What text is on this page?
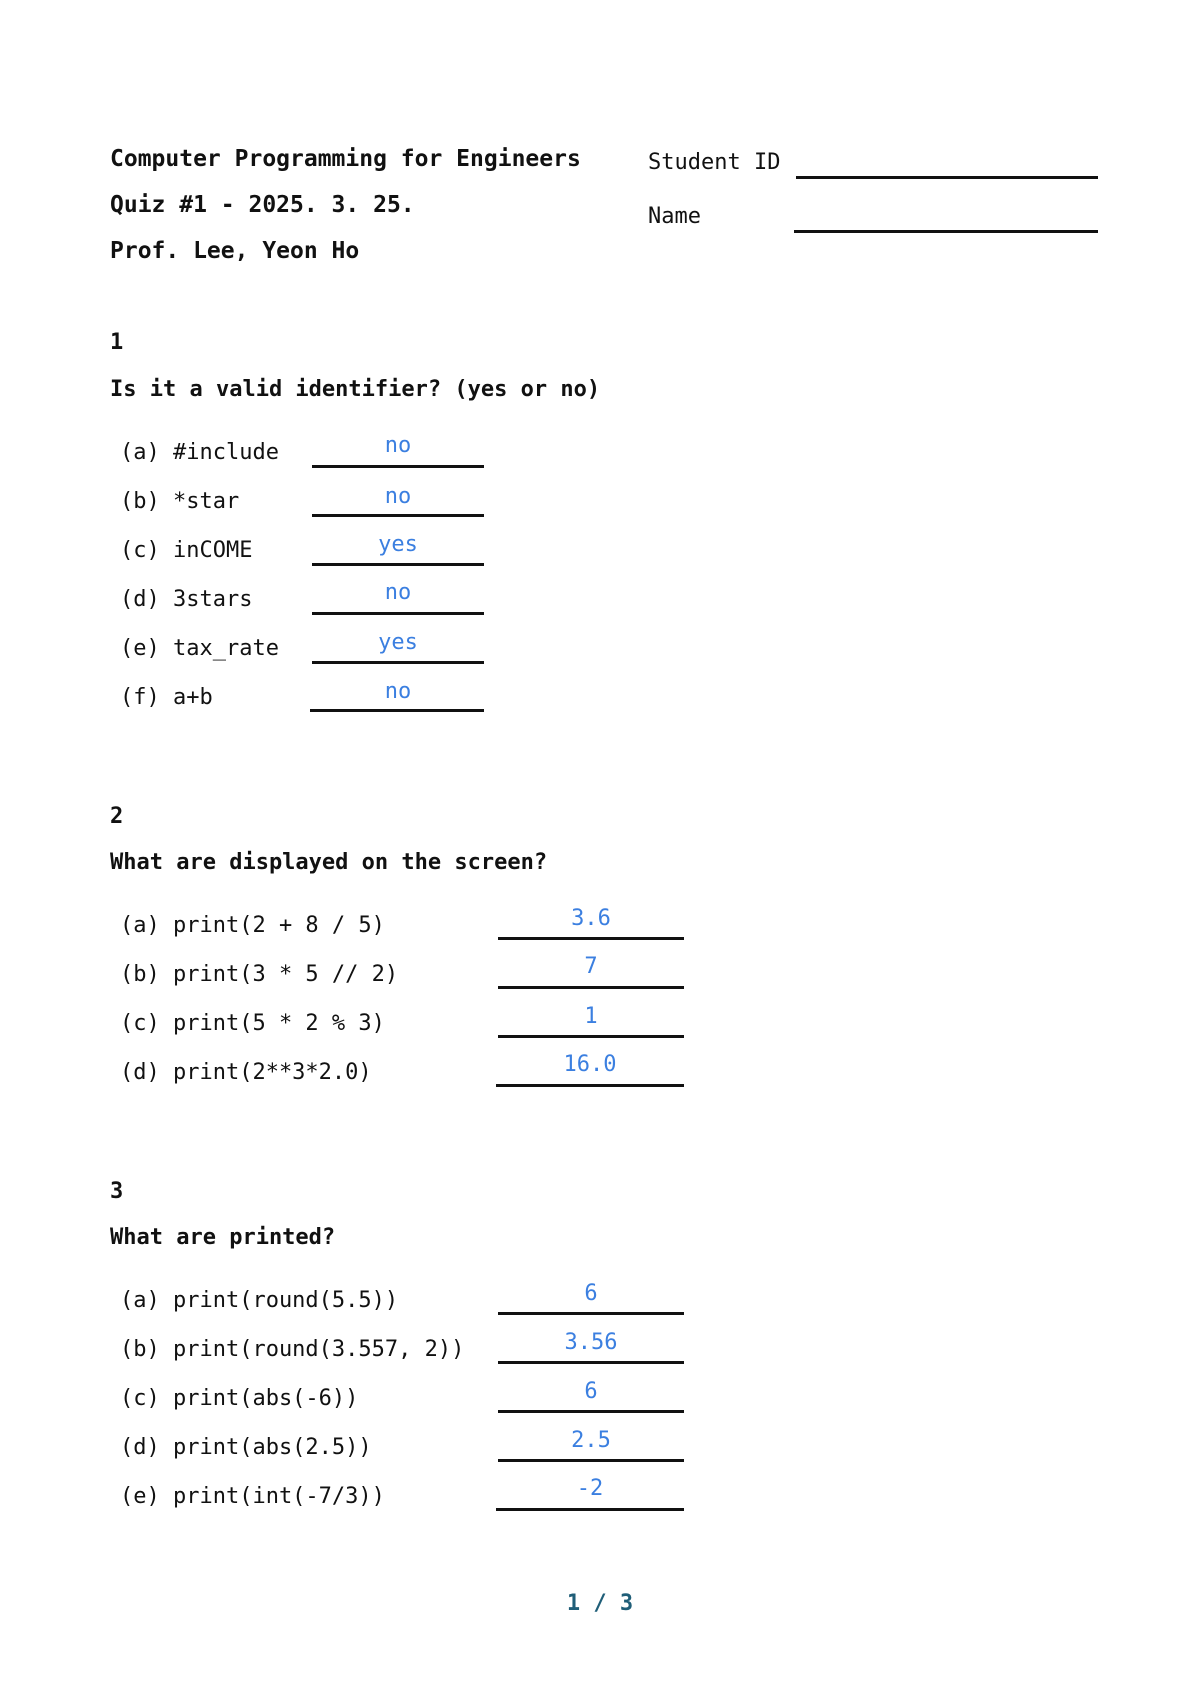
Computer Programming for Engineers
Quiz #1 - 2025. 3. 25.
Prof. Lee, Yeon Ho
Student ID
Name
1
Is it a valid identifier? (yes or no)
(a) #include	no
(b) *star	no
(c) inCOME	yes
(d) 3stars	no
(e) tax_rate	yes
(f) a+b	no
2
What are displayed on the screen?
(a) print(2 + 8 / 5)	3.6
(b) print(3 * 5 // 2)	7
(c) print(5 * 2 % 3)	1
(d) print(2**3*2.0)	16.0
3
What are printed?
(a) print(round(5.5))	6
(b) print(round(3.557, 2))	3.56
(c) print(abs(-6))	6
(d) print(abs(2.5))	2.5
(e) print(int(-7/3))	-2
1 / 3
